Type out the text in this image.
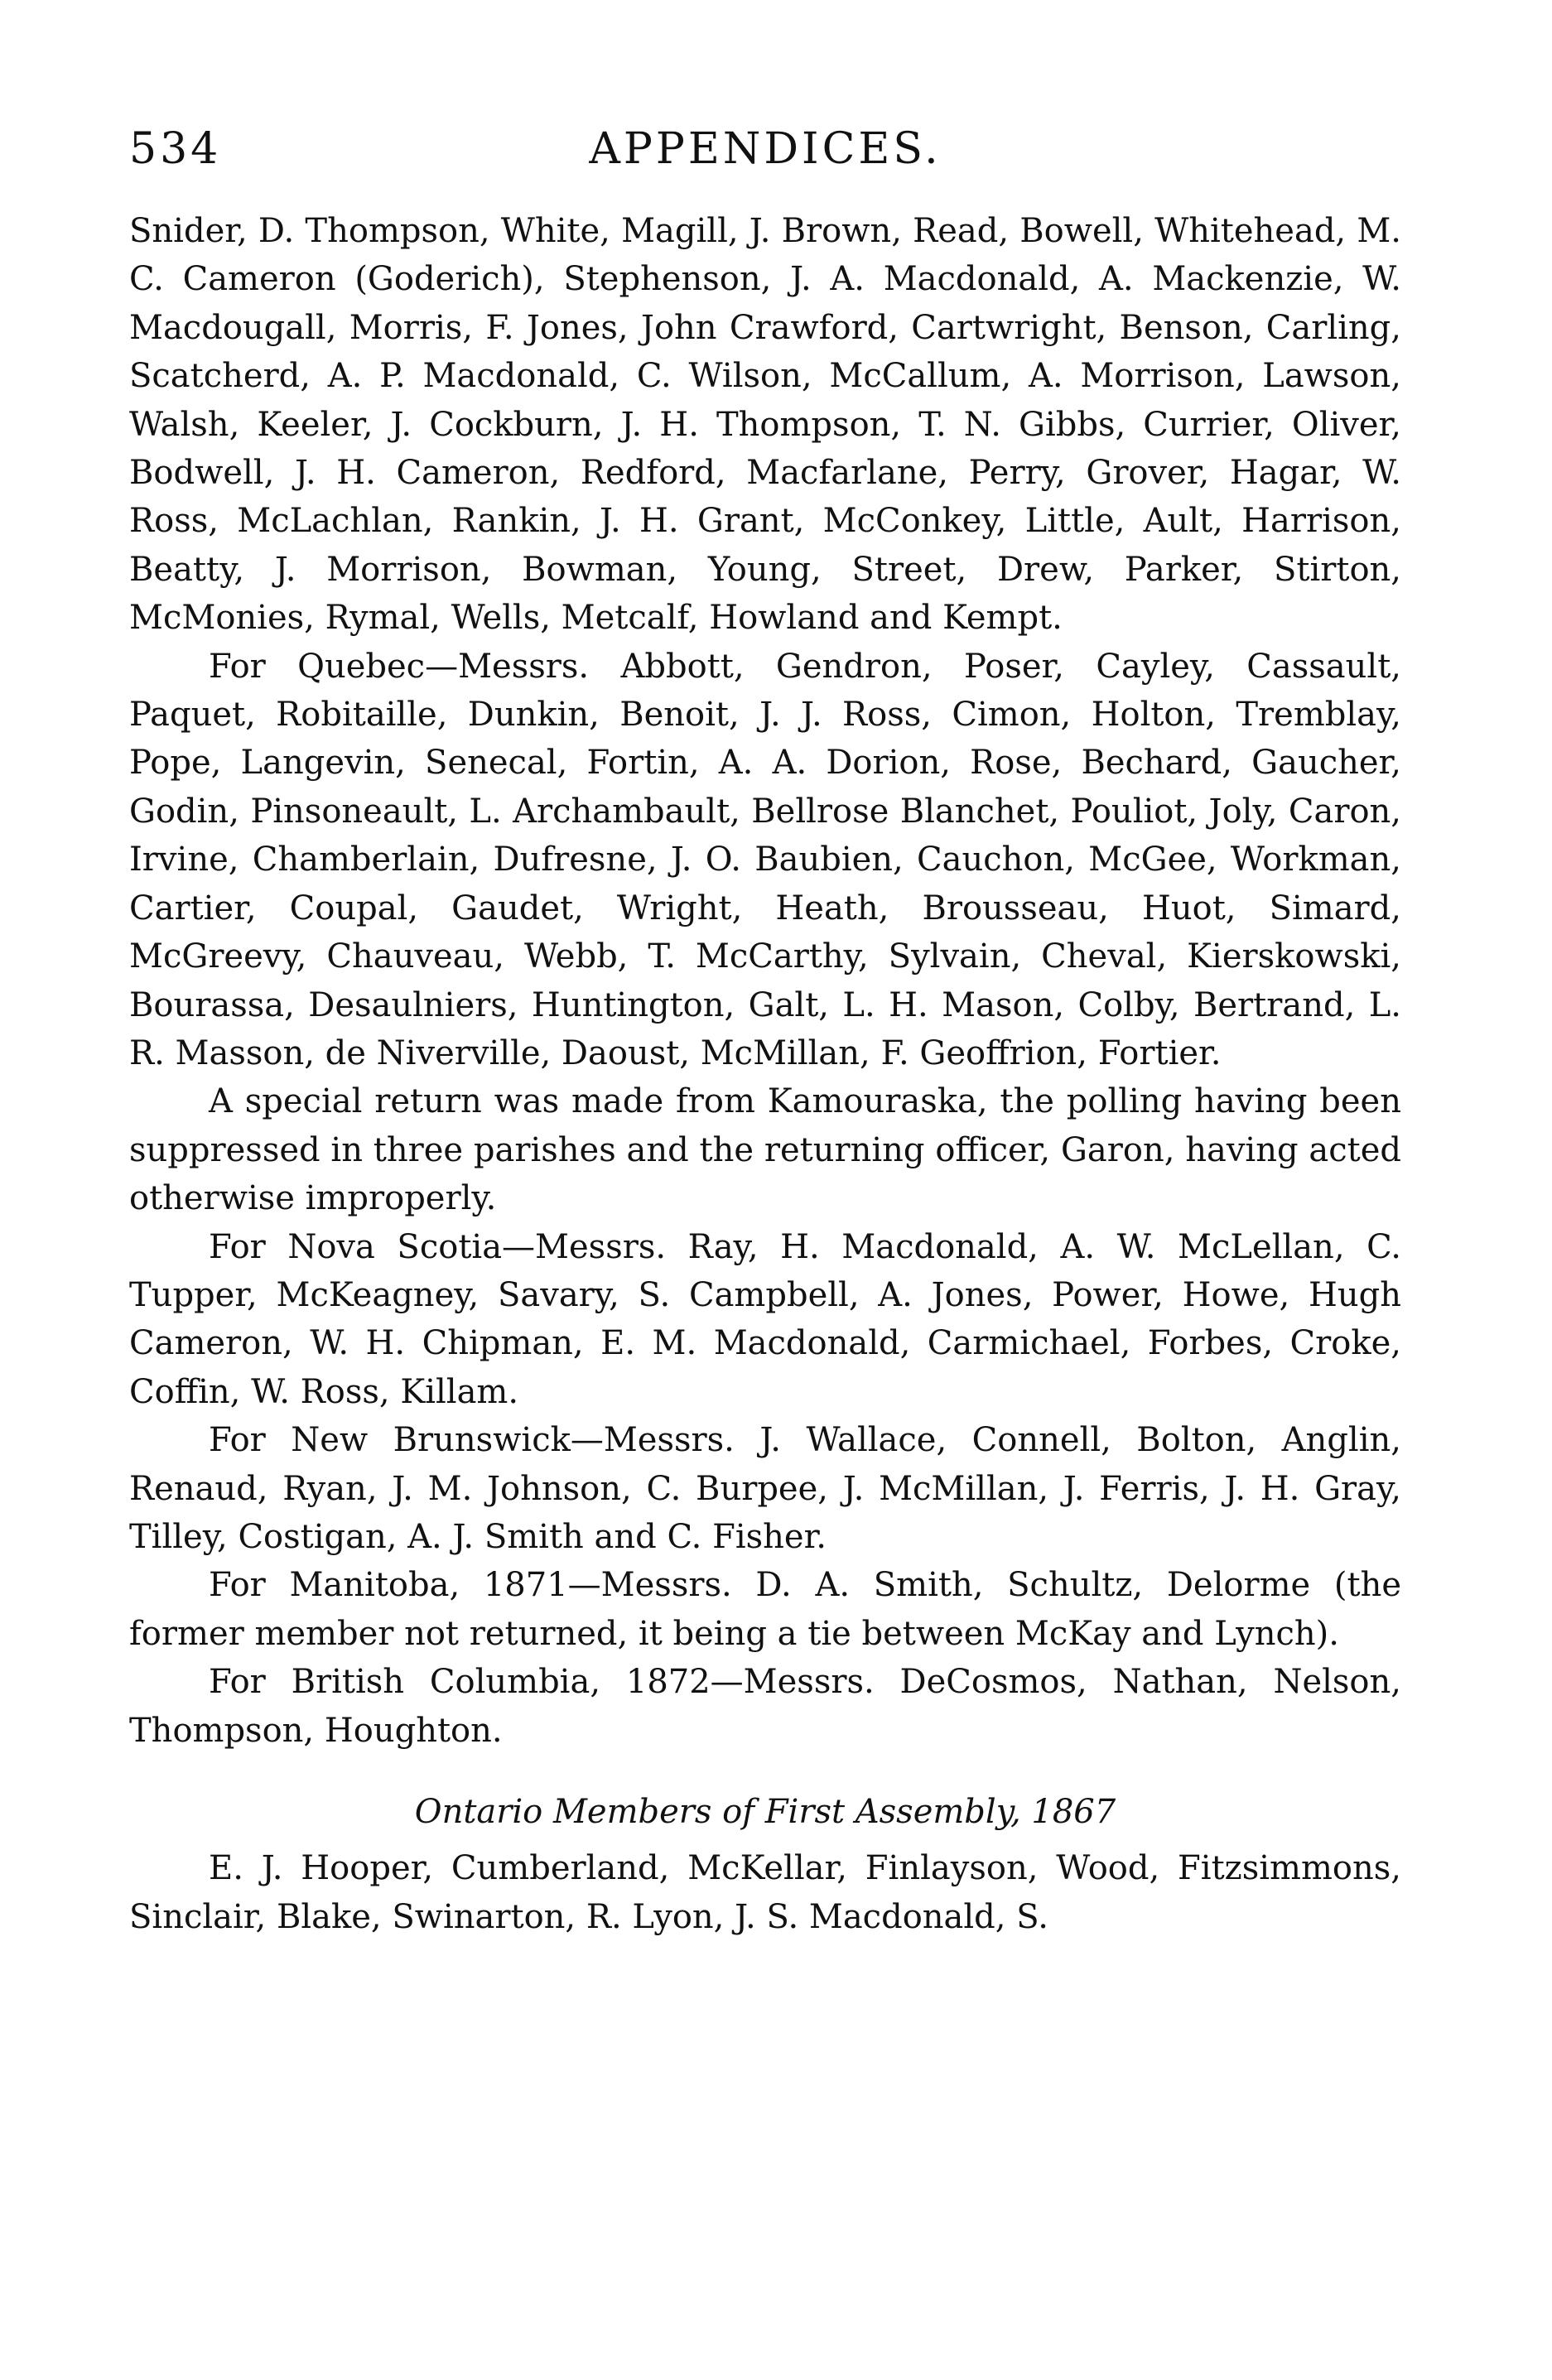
534	APPENDICES.

Snider, D. Thompson, White, Magill, J. Brown, Read, Bowell, Whitehead, M. C. Cameron (Goderich), Stephenson, J. A. Macdonald, A. Mackenzie, W. Macdougall, Morris, F. Jones, John Crawford, Cartwright, Benson, Carling, Scatcherd, A. P. Macdonald, C. Wilson, McCallum, A. Morrison, Lawson, Walsh, Keeler, J. Cockburn, J. H. Thompson, T. N. Gibbs, Currier, Oliver, Bodwell, J. H. Cameron, Redford, Macfarlane, Perry, Grover, Hagar, W. Ross, McLachlan, Rankin, J. H. Grant, McConkey, Little, Ault, Harrison, Beatty, J. Morrison, Bowman, Young, Street, Drew, Parker, Stirton, McMonies, Rymal, Wells, Metcalf, Howland and Kempt.

For Quebec—Messrs. Abbott, Gendron, Poser, Cayley, Cassault, Paquet, Robitaille, Dunkin, Benoit, J. J. Ross, Cimon, Holton, Tremblay, Pope, Langevin, Senecal, Fortin, A. A. Dorion, Rose, Bechard, Gaucher, Godin, Pinsoneault, L. Archambault, Bellrose Blanchet, Pouliot, Joly, Caron, Irvine, Chamberlain, Dufresne, J. O. Baubien, Cauchon, McGee, Workman, Cartier, Coupal, Gaudet, Wright, Heath, Brousseau, Huot, Simard, McGreevy, Chauveau, Webb, T. McCarthy, Sylvain, Cheval, Kierskowski, Bourassa, Desaulniers, Huntington, Galt, L. H. Mason, Colby, Bertrand, L. R. Masson, de Niverville, Daoust, McMillan, F. Geoffrion, Fortier.

A special return was made from Kamouraska, the polling having been suppressed in three parishes and the returning officer, Garon, having acted otherwise improperly.

For Nova Scotia—Messrs. Ray, H. Macdonald, A. W. McLellan, C. Tupper, McKeagney, Savary, S. Campbell, A. Jones, Power, Howe, Hugh Cameron, W. H. Chipman, E. M. Macdonald, Carmichael, Forbes, Croke, Coffin, W. Ross, Killam.

For New Brunswick—Messrs. J. Wallace, Connell, Bolton, Anglin, Renaud, Ryan, J. M. Johnson, C. Burpee, J. McMillan, J. Ferris, J. H. Gray, Tilley, Costigan, A. J. Smith and C. Fisher.

For Manitoba, 1871—Messrs. D. A. Smith, Schultz, Delorme (the former member not returned, it being a tie between McKay and Lynch).

For British Columbia, 1872—Messrs. DeCosmos, Nathan, Nelson, Thompson, Houghton.

Ontario Members of First Assembly, 1867

E. J. Hooper, Cumberland, McKellar, Finlayson, Wood, Fitzsimmons, Sinclair, Blake, Swinarton, R. Lyon, J. S. Macdonald, S.
